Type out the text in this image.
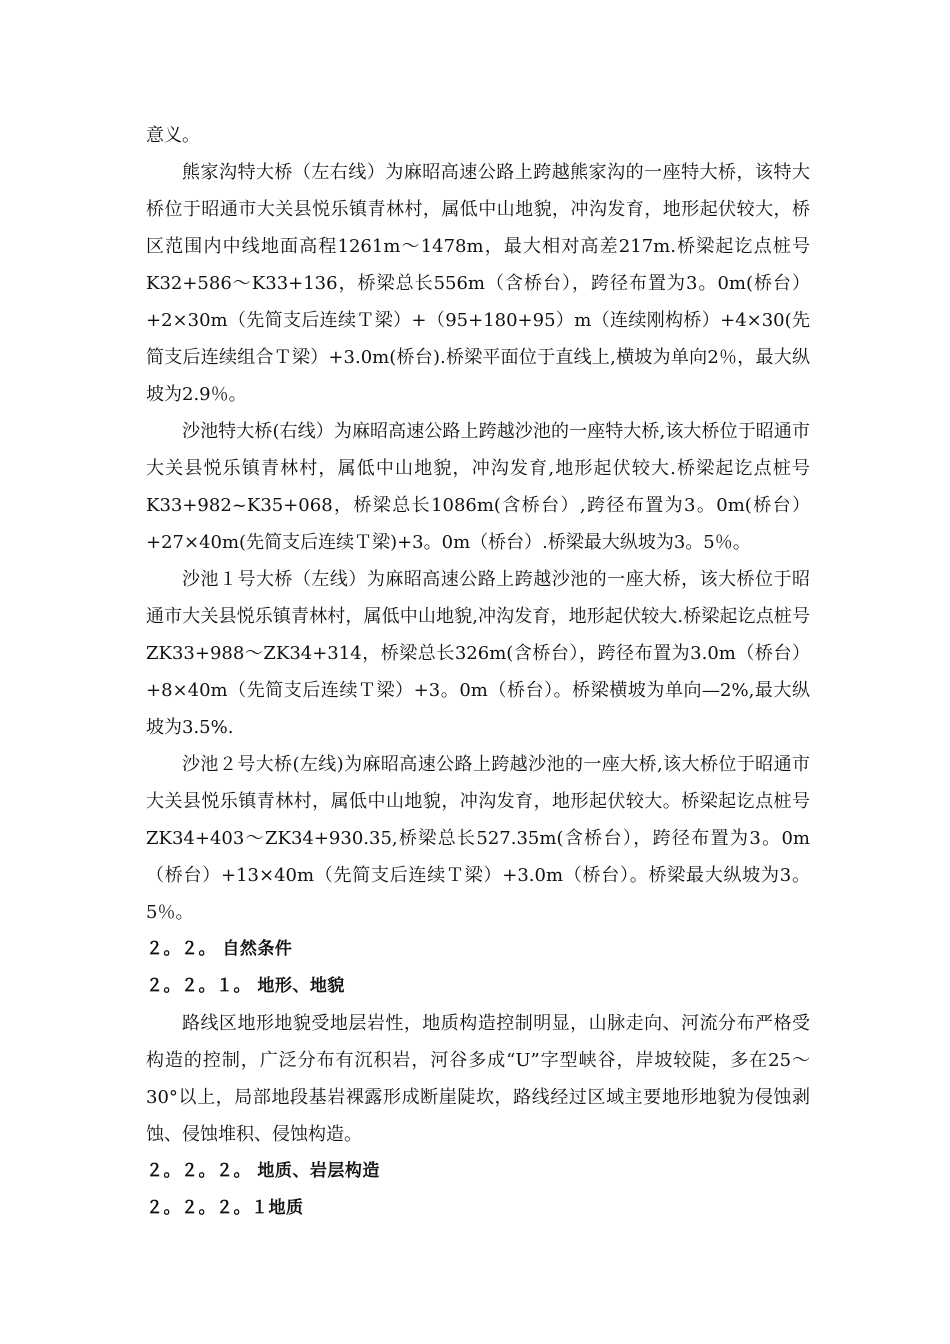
意义。

熊家沟特大桥（左右线）为麻昭高速公路上跨越熊家沟的一座特大桥，该特大桥位于昭通市大关县悦乐镇青林村，属低中山地貌，冲沟发育，地形起伏较大，桥区范围内中线地面高程1261m～1478m，最大相对高差217m.桥梁起讫点桩号K32+586～K33+136，桥梁总长556m（含桥台），跨径布置为3。0m(桥台）+2×30m（先简支后连续Ｔ梁）+（95+180+95）m（连续刚构桥）+4×30(先简支后连续组合Ｔ梁）+3.0m(桥台).桥梁平面位于直线上,横坡为单向2％，最大纵坡为2.9％。

沙池特大桥(右线）为麻昭高速公路上跨越沙池的一座特大桥,该大桥位于昭通市大关县悦乐镇青林村，属低中山地貌，冲沟发育,地形起伏较大.桥梁起讫点桩号K33+982~K35+068，桥梁总长1086m(含桥台）,跨径布置为3。0m(桥台）+27×40m(先简支后连续Ｔ梁)+3。0m（桥台）.桥梁最大纵坡为3。5％。

沙池１号大桥（左线）为麻昭高速公路上跨越沙池的一座大桥，该大桥位于昭通市大关县悦乐镇青林村，属低中山地貌,冲沟发育，地形起伏较大.桥梁起讫点桩号ZK33+988～ZK34+314，桥梁总长326m(含桥台），跨径布置为3.0m（桥台）+8×40m（先简支后连续Ｔ梁）+3。0m（桥台）。桥梁横坡为单向—2%,最大纵坡为3.5%.

沙池２号大桥(左线)为麻昭高速公路上跨越沙池的一座大桥,该大桥位于昭通市大关县悦乐镇青林村，属低中山地貌，冲沟发育，地形起伏较大。桥梁起讫点桩号ZK34+403～ZK34+930.35,桥梁总长527.35m(含桥台），跨径布置为3。0m（桥台）+13×40m（先简支后连续Ｔ梁）+3.0m（桥台）。桥梁最大纵坡为3。5％。

２。２。 自然条件

２。２。１。 地形、地貌

路线区地形地貌受地层岩性，地质构造控制明显，山脉走向、河流分布严格受构造的控制，广泛分布有沉积岩，河谷多成“U”字型峡谷，岸坡较陡，多在25～30°以上，局部地段基岩裸露形成断崖陡坎，路线经过区域主要地形地貌为侵蚀剥蚀、侵蚀堆积、侵蚀构造。

２。２。２。 地质、岩层构造

２。２。２。１地质
